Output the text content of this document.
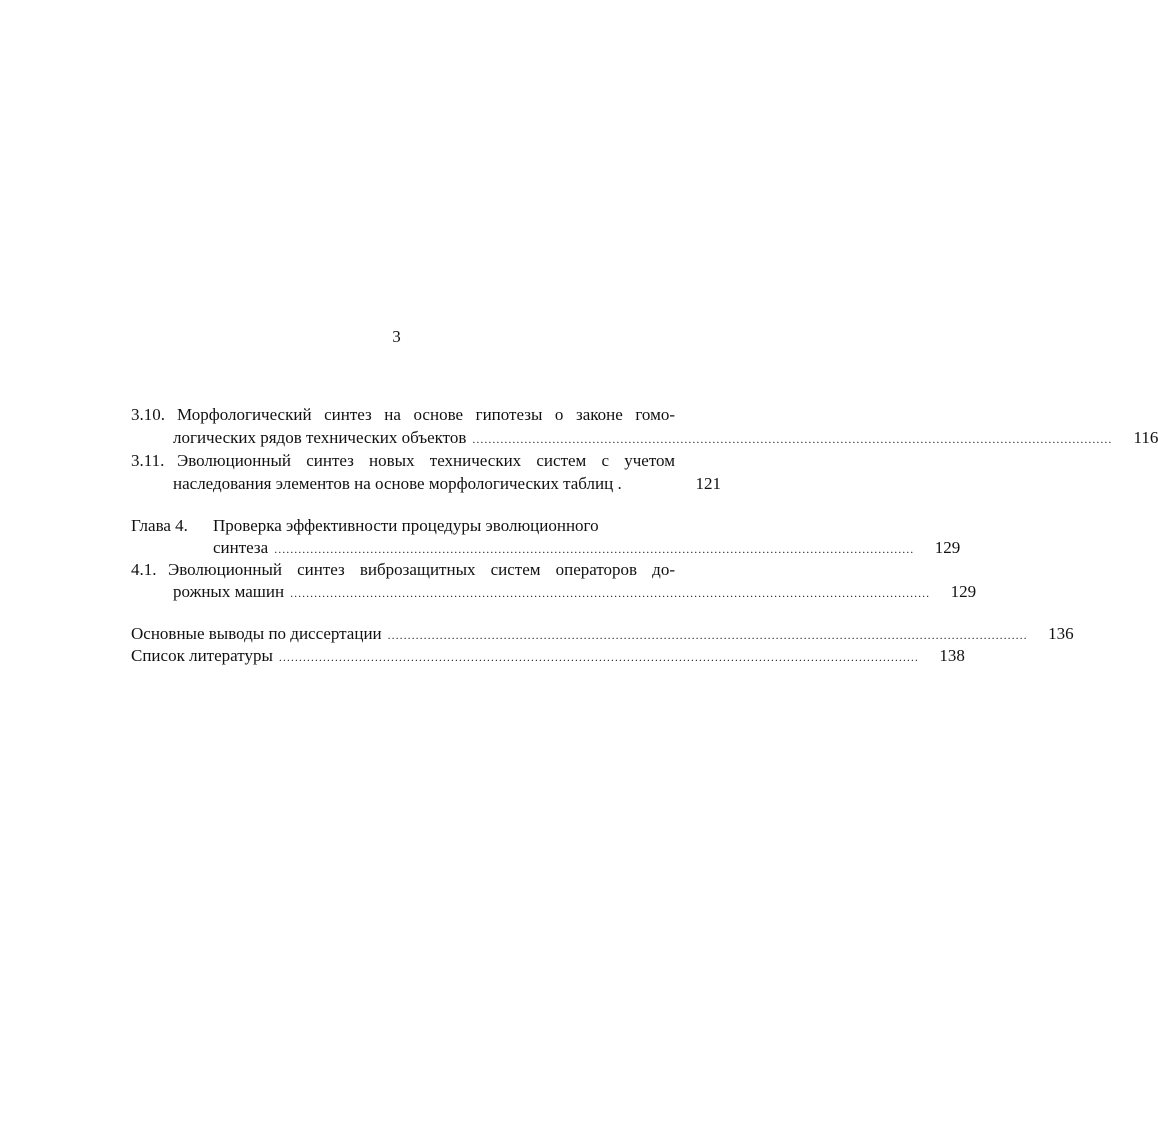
3
3.10. Морфологический синтез на основе гипотезы о законе гомо-
логических рядов технических объектов ................................................................................................................................................................	116
3.11. Эволюционный синтез новых технических систем с учетом
наследования элементов на основе морфологических таблиц .	121
Глава 4. Проверка эффективности процедуры эволюционного
синтеза ................................................................................................................................................................	129
4.1. Эволюционный синтез виброзащитных систем операторов до-
рожных машин ................................................................................................................................................................	129
Основные выводы по диссертации ................................................................................................................................................................	136
Список литературы ................................................................................................................................................................	138
